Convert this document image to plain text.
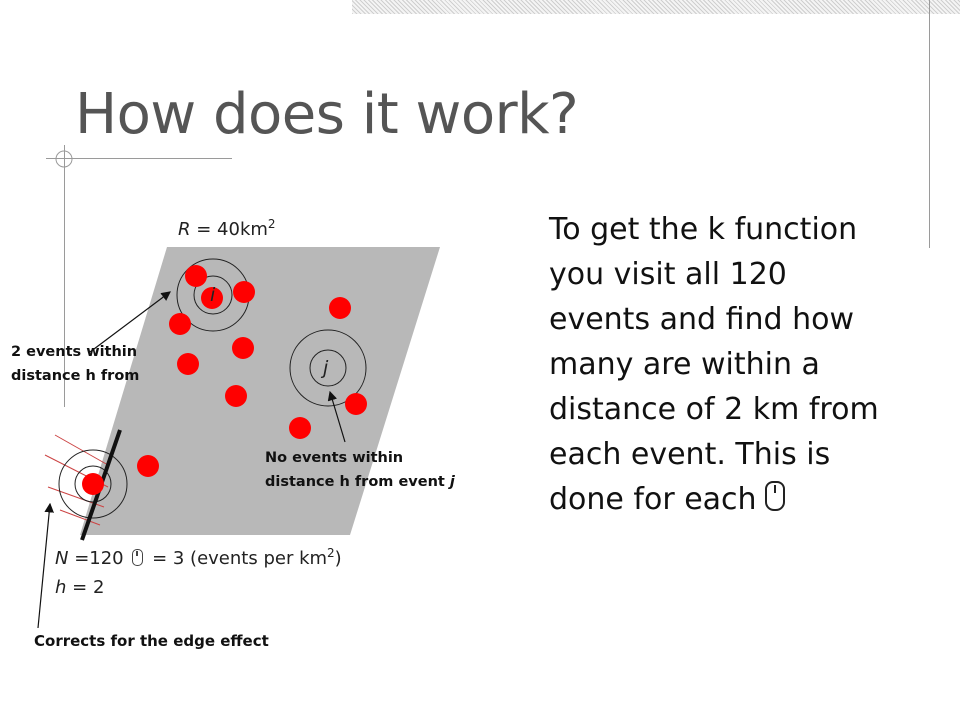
How does it work?
i
j
$R = 40km^2$
2 events within distance h from
No events within distance h from event j
Corrects for the edge effect
N =120  = 3 (events per $km^2$)
h = 2
To get the k function you visit all 120 events and find how many are within a distance of 2 km from each event. This is done for each
